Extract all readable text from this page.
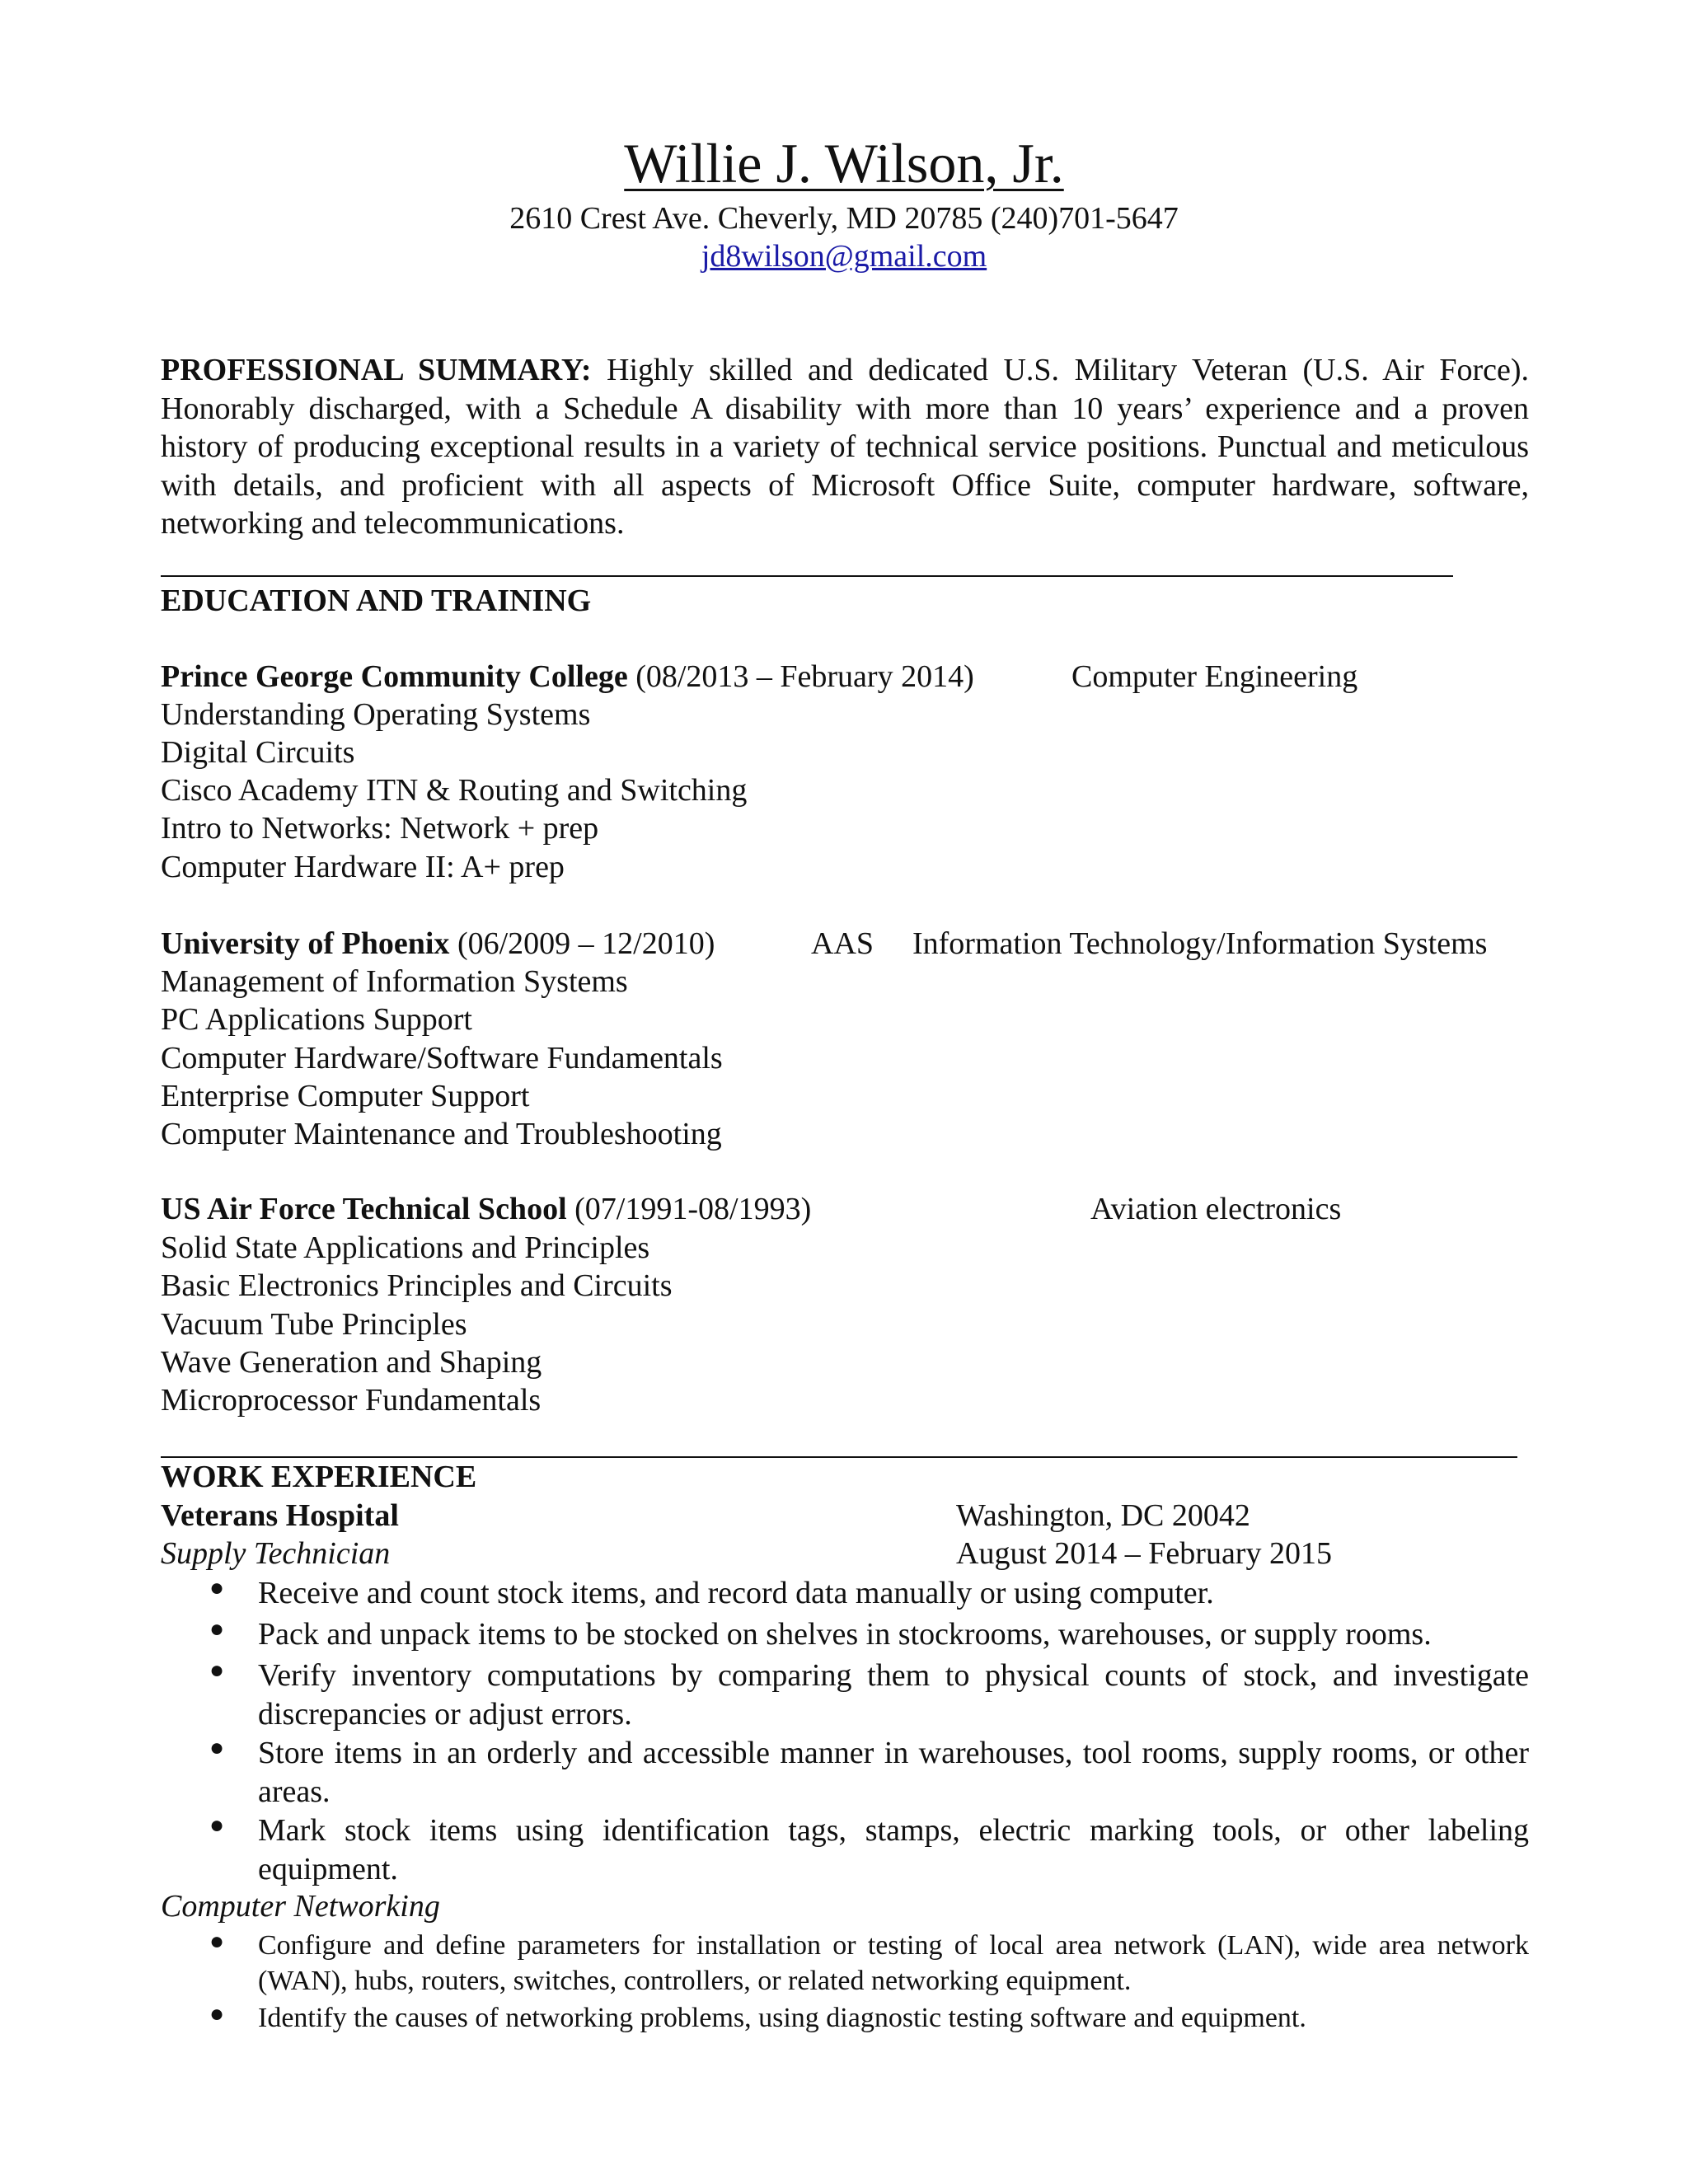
Willie J. Wilson, Jr.
2610 Crest Ave. Cheverly, MD 20785 (240)701-5647
jd8wilson@gmail.com
PROFESSIONAL SUMMARY: Highly skilled and dedicated U.S. Military Veteran (U.S. Air Force). Honorably discharged, with a Schedule A disability with more than 10 years’ experience and a proven history of producing exceptional results in a variety of technical service positions. Punctual and meticulous with details, and proficient with all aspects of Microsoft Office Suite, computer hardware, software, networking and telecommunications.
EDUCATION AND TRAINING
Prince George Community College (08/2013 – February 2014)	Computer Engineering
Understanding Operating Systems
Digital Circuits
Cisco Academy ITN & Routing and Switching
Intro to Networks: Network + prep
Computer Hardware II: A+ prep
University of Phoenix (06/2009 – 12/2010)	AAS Information Technology/Information Systems
Management of Information Systems
PC Applications Support
Computer Hardware/Software Fundamentals
Enterprise Computer Support
Computer Maintenance and Troubleshooting
US Air Force Technical School (07/1991-08/1993)	Aviation electronics
Solid State Applications and Principles
Basic Electronics Principles and Circuits
Vacuum Tube Principles
Wave Generation and Shaping
Microprocessor Fundamentals
WORK EXPERIENCE
Veterans Hospital	Washington, DC 20042
Supply Technician	August 2014 – February 2015
● Receive and count stock items, and record data manually or using computer.
● Pack and unpack items to be stocked on shelves in stockrooms, warehouses, or supply rooms.
● Verify inventory computations by comparing them to physical counts of stock, and investigate discrepancies or adjust errors.
● Store items in an orderly and accessible manner in warehouses, tool rooms, supply rooms, or other areas.
● Mark stock items using identification tags, stamps, electric marking tools, or other labeling equipment.
Computer Networking
● Configure and define parameters for installation or testing of local area network (LAN), wide area network (WAN), hubs, routers, switches, controllers, or related networking equipment.
● Identify the causes of networking problems, using diagnostic testing software and equipment.
